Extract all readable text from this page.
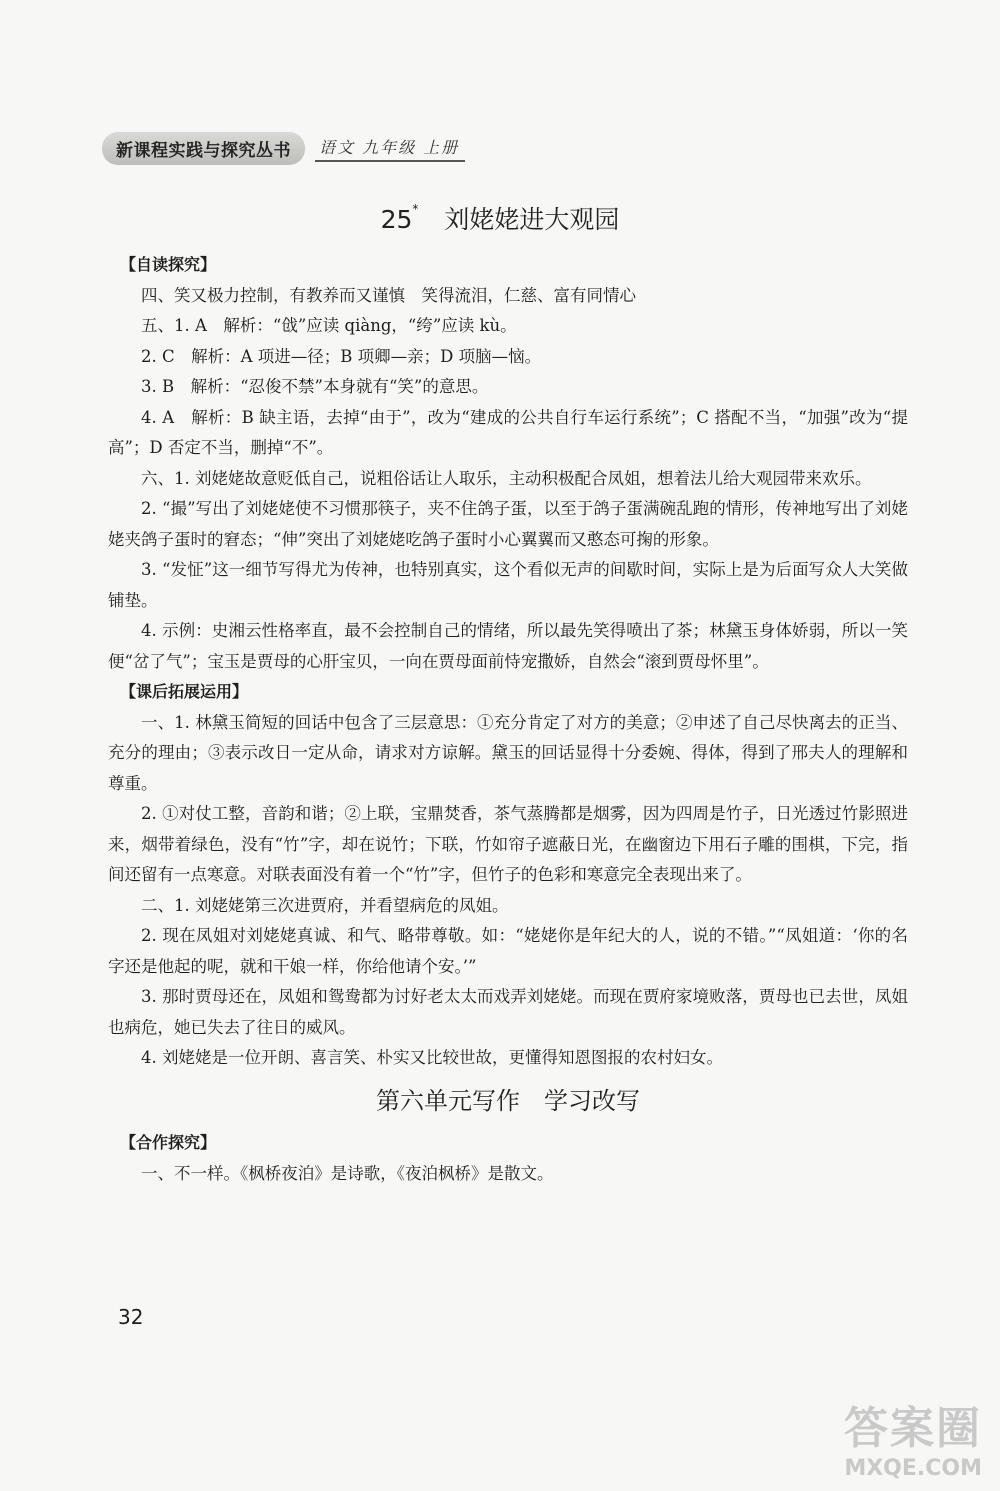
新课程实践与探究丛书	语文 九年级 上册
25* 刘姥姥进大观园
【自读探究】

四、笑又极力控制，有教养而又谨慎　笑得流泪，仁慈、富有同情心

五、1. A　解析：“戗”应读 qiàng，“绔”应读 kù。

2. C　解析：A 项进—径；B 项卿—亲；D 项脑—恼。

3. B　解析：“忍俊不禁”本身就有“笑”的意思。

4. A　解析：B 缺主语，去掉“由于”，改为“建成的公共自行车运行系统”；C 搭配不当，“加强”改为“提高”；D 否定不当，删掉“不”。

六、1. 刘姥姥故意贬低自己，说粗俗话让人取乐，主动积极配合凤姐，想着法儿给大观园带来欢乐。

2. “撮”写出了刘姥姥使不习惯那筷子，夹不住鸽子蛋，以至于鸽子蛋满碗乱跑的情形，传神地写出了刘姥姥夹鸽子蛋时的窘态；“伸”突出了刘姥姥吃鸽子蛋时小心翼翼而又憨态可掬的形象。

3. “发怔”这一细节写得尤为传神，也特别真实，这个看似无声的间歇时间，实际上是为后面写众人大笑做铺垫。

4. 示例：史湘云性格率直，最不会控制自己的情绪，所以最先笑得喷出了茶；林黛玉身体娇弱，所以一笑便“岔了气”；宝玉是贾母的心肝宝贝，一向在贾母面前恃宠撒娇，自然会“滚到贾母怀里”。

【课后拓展运用】

一、1. 林黛玉简短的回话中包含了三层意思：①充分肯定了对方的美意；②申述了自己尽快离去的正当、充分的理由；③表示改日一定从命，请求对方谅解。黛玉的回话显得十分委婉、得体，得到了邢夫人的理解和尊重。

2. ①对仗工整，音韵和谐；②上联，宝鼎焚香，茶气蒸腾都是烟雾，因为四周是竹子，日光透过竹影照进来，烟带着绿色，没有“竹”字，却在说竹；下联，竹如帘子遮蔽日光，在幽窗边下用石子雕的围棋，下完，指间还留有一点寒意。对联表面没有着一个“竹”字，但竹子的色彩和寒意完全表现出来了。

二、1. 刘姥姥第三次进贾府，并看望病危的凤姐。

2. 现在凤姐对刘姥姥真诚、和气、略带尊敬。如：“姥姥你是年纪大的人，说的不错。”“凤姐道：‘你的名字还是他起的呢，就和干娘一样，你给他请个安。’”

3. 那时贾母还在，凤姐和鸳鸯都为讨好老太太而戏弄刘姥姥。而现在贾府家境败落，贾母也已去世，凤姐也病危，她已失去了往日的威风。

4. 刘姥姥是一位开朗、喜言笑、朴实又比较世故，更懂得知恩图报的农村妇女。

第六单元写作　学习改写
【合作探究】

一、不一样。《枫桥夜泊》是诗歌，《夜泊枫桥》是散文。

32
答案圈
MXQE.COM
